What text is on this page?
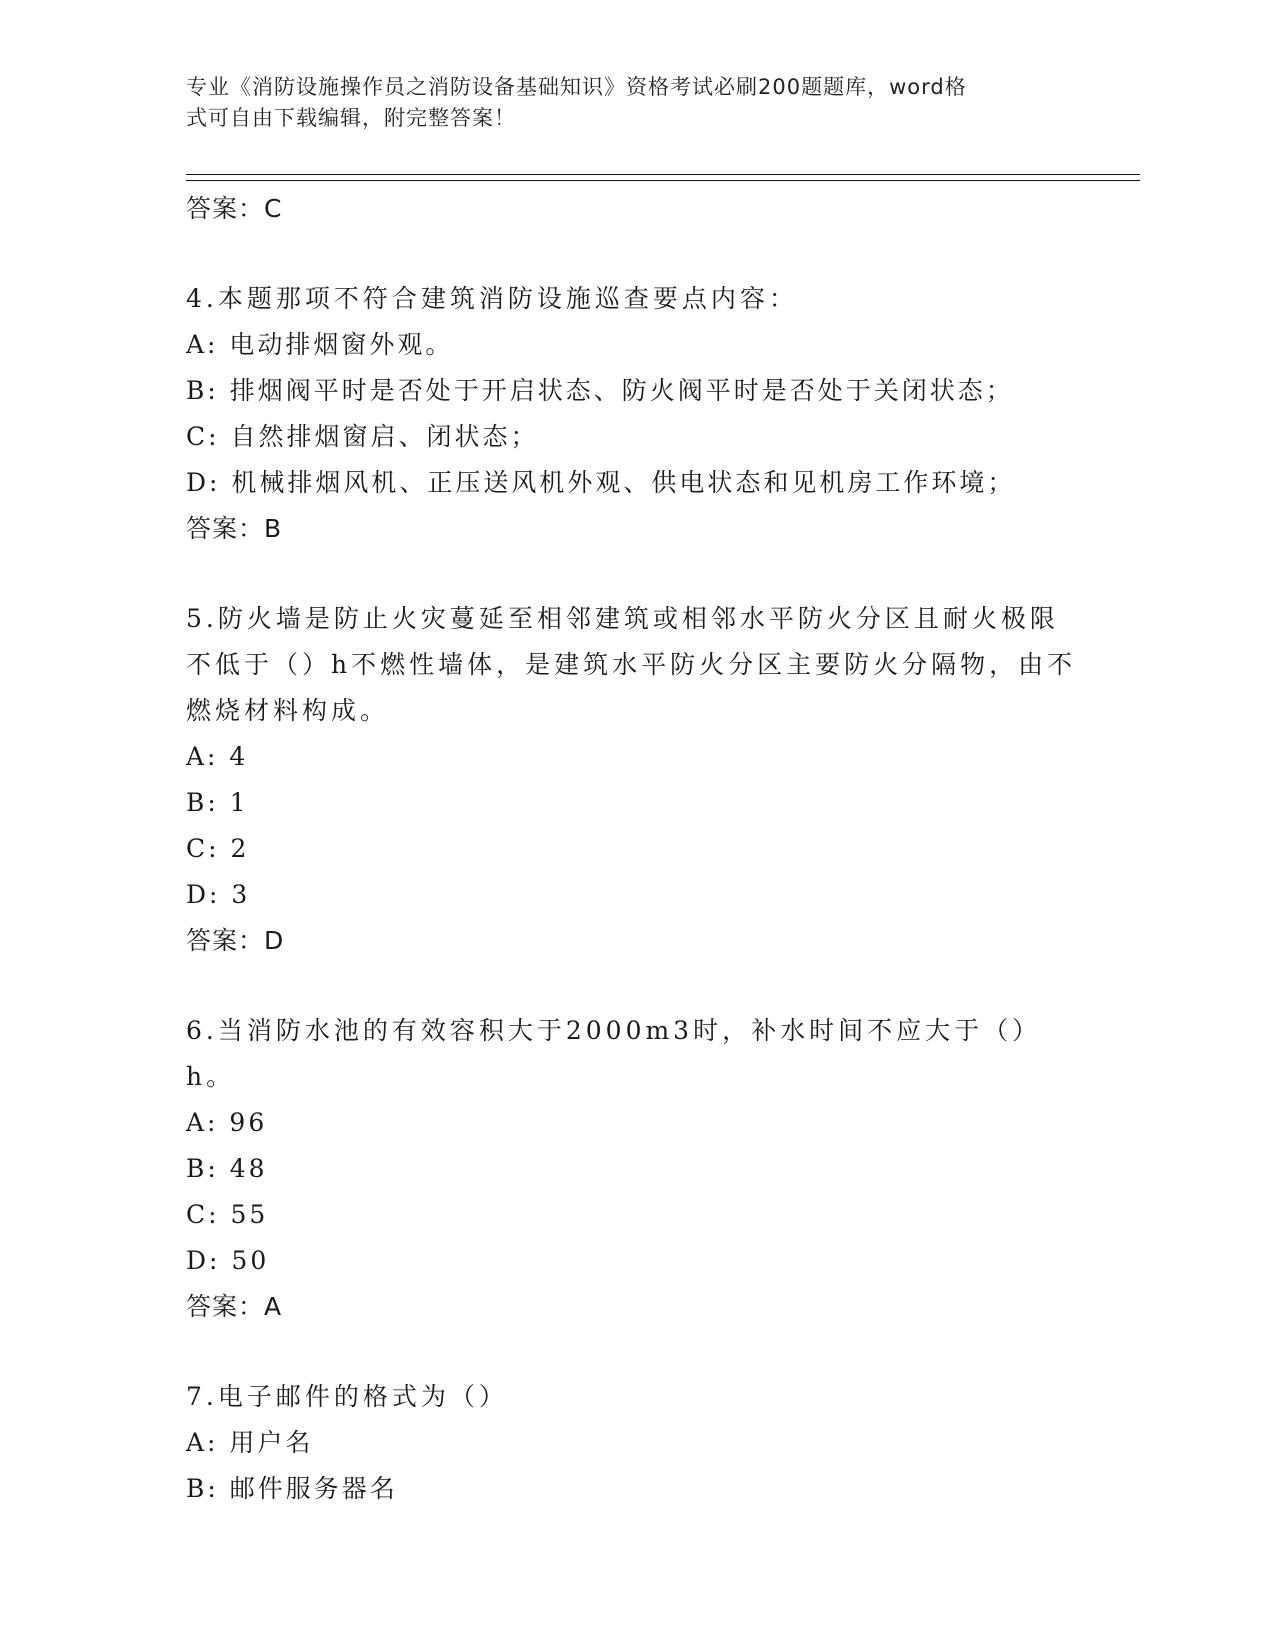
专业《消防设施操作员之消防设备基础知识》资格考试必刷200题题库，word格
式可自由下载编辑，附完整答案！

答案：C

4.本题那项不符合建筑消防设施巡查要点内容：

A: 电动排烟窗外观。

B: 排烟阀平时是否处于开启状态、防火阀平时是否处于关闭状态；

C: 自然排烟窗启、闭状态；

D: 机械排烟风机、正压送风机外观、供电状态和见机房工作环境；

答案：B

5.防火墙是防止火灾蔓延至相邻建筑或相邻水平防火分区且耐火极限

不低于（）h不燃性墙体，是建筑水平防火分区主要防火分隔物，由不

燃烧材料构成。

A: 4

B: 1

C: 2

D: 3

答案：D

6.当消防水池的有效容积大于2000m3时，补水时间不应大于（）h。

A: 96

B: 48

C: 55

D: 50

答案：A

7.电子邮件的格式为（）

A: 用户名

B: 邮件服务器名
